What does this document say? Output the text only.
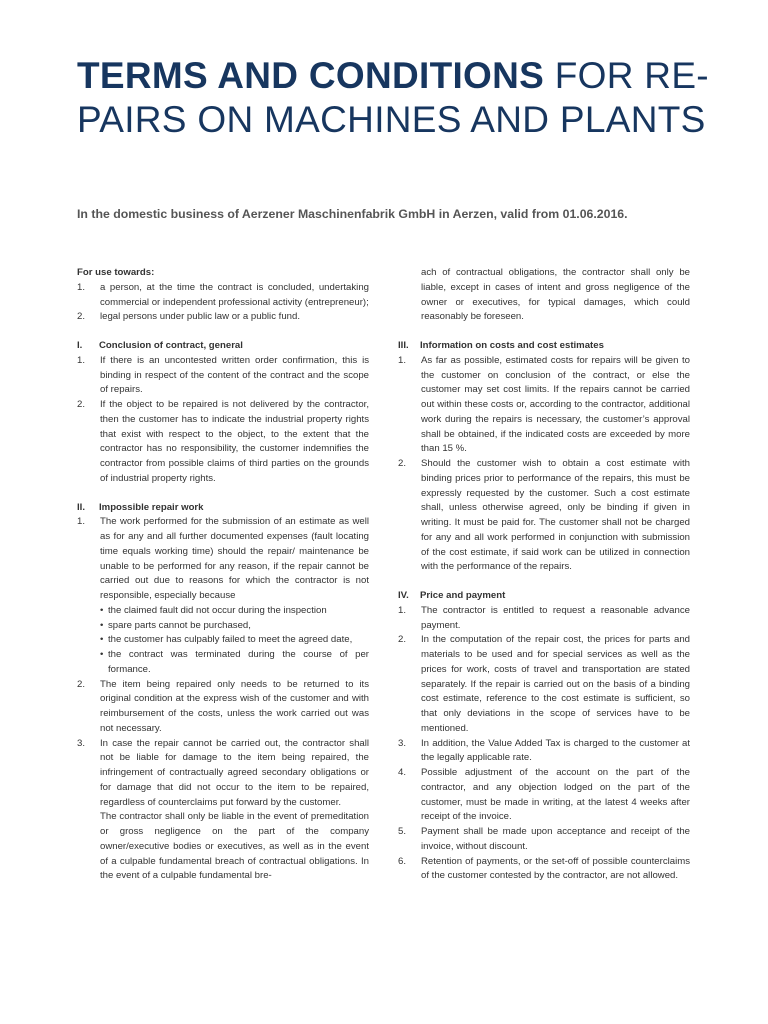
TERMS AND CONDITIONS FOR RE-PAIRS ON MACHINES AND PLANTS
In the domestic business of Aerzener Maschinenfabrik GmbH in Aerzen, valid from 01.06.2016.

For use towards:

1.	a person, at the time the contract is concluded, undertaking commercial or independent professional activity (entrepreneur);
2.	legal persons under public law or a public fund.
I.	Conclusion of contract, general
1.	If there is an uncontested written order confirmation, this is binding in respect of the content of the contract and the scope of repairs.
2.	If the object to be repaired is not delivered by the contractor, then the customer has to indicate the industrial property rights that exist with respect to the object, to the extent that the contractor has no responsibility, the customer indemnifies the contractor from possible claims of third parties on the grounds of industrial property rights.
II.	Impossible repair work
1.	The work performed for the submission of an estimate as well as for any and all further documented expenses (fault locating time equals working time) should the repair/ maintenance be unable to be performed for any reason, if the repair cannot be carried out due to reasons for which the contractor is not responsible, especially because
• the claimed fault did not occur during the inspection
• spare parts cannot be purchased,
• the customer has culpably failed to meet the agreed date,
• the contract was terminated during the course of per formance.
2.	The item being repaired only needs to be returned to its original condition at the express wish of the customer and with reimbursement of the costs, unless the work carried out was not necessary.
3.	In case the repair cannot be carried out, the contractor shall not be liable for damage to the item being repaired, the infringement of contractually agreed secondary obligations or for damage that did not occur to the item to be repaired, regardless of counterclaims put forward by the customer.

The contractor shall only be liable in the event of premeditation or gross negligence on the part of the company owner/executive bodies or executives, as well as in the event of a culpable fundamental breach of contractual obligations. In the event of a culpable fundamental bre-

ach of contractual obligations, the contractor shall only be liable, except in cases of intent and gross negligence of the owner or executives, for typical damages, which could reasonably be foreseen.

III.	Information on costs and cost estimates
1.	As far as possible, estimated costs for repairs will be given to the customer on conclusion of the contract, or else the customer may set cost limits. If the repairs cannot be carried out within these costs or, according to the contractor, additional work during the repairs is necessary, the customer’s approval shall be obtained, if the indicated costs are exceeded by more than 15 %.
2.	Should the customer wish to obtain a cost estimate with binding prices prior to performance of the repairs, this must be expressly requested by the customer. Such a cost estimate shall, unless otherwise agreed, only be binding if given in writing. It must be paid for. The customer shall not be charged for any and all work performed in conjunction with submission of the cost estimate, if said work can be utilized in connection with the performance of the repairs.
IV.	Price and payment
1.	The contractor is entitled to request a reasonable advance payment.
2.	In the computation of the repair cost, the prices for parts and materials to be used and for special services as well as the prices for work, costs of travel and transportation are stated separately. If the repair is carried out on the basis of a binding cost estimate, reference to the cost estimate is sufficient, so that only deviations in the scope of services have to be mentioned.
3.	In addition, the Value Added Tax is charged to the customer at the legally applicable rate.
4.	Possible adjustment of the account on the part of the contractor, and any objection lodged on the part of the customer, must be made in writing, at the latest 4 weeks after receipt of the invoice.
5.	Payment shall be made upon acceptance and receipt of the invoice, without discount.
6.	Retention of payments, or the set-off of possible counterclaims of the customer contested by the contractor, are not allowed.
